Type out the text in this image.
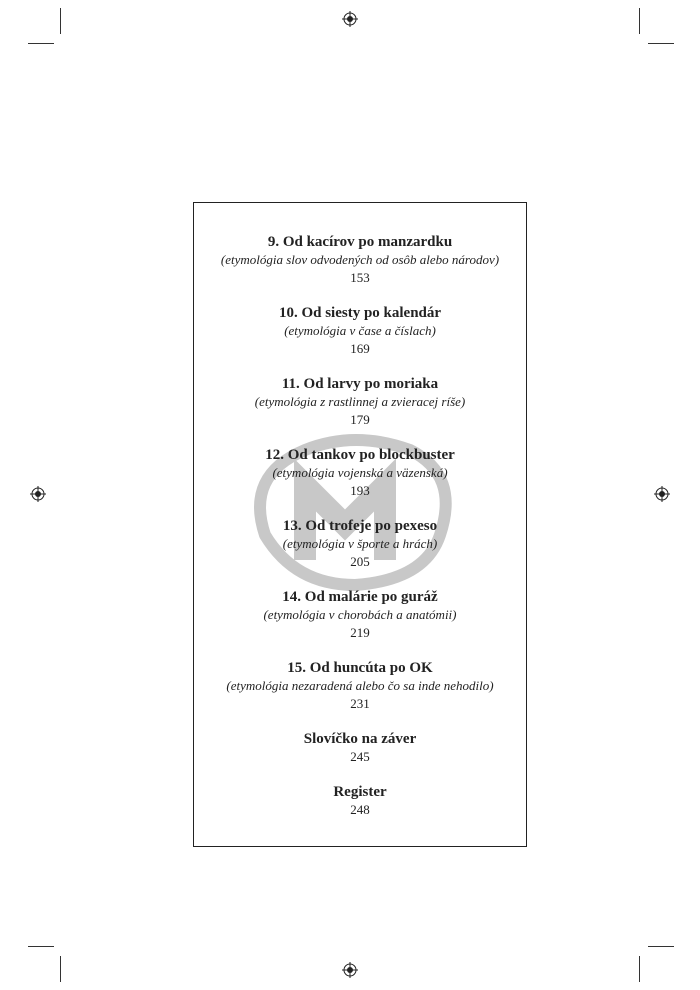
9. Od kacírov po manzardku
(etymológia slov odvodených od osôb alebo národov)
153
10. Od siesty po kalendár
(etymológia v čase a číslach)
169
11. Od larvy po moriaka
(etymológia z rastlinnej a zvieracej ríše)
179
12. Od tankov po blockbuster
(etymológia vojenská a väzenská)
193
13. Od trofeje po pexeso
(etymológia v športe a hrách)
205
14. Od malárie po guráž
(etymológia v chorobách a anatómii)
219
15. Od huncúta po OK
(etymológia nezaradená alebo čo sa inde nehodilo)
231
Slovíčko na záver
245
Register
248
